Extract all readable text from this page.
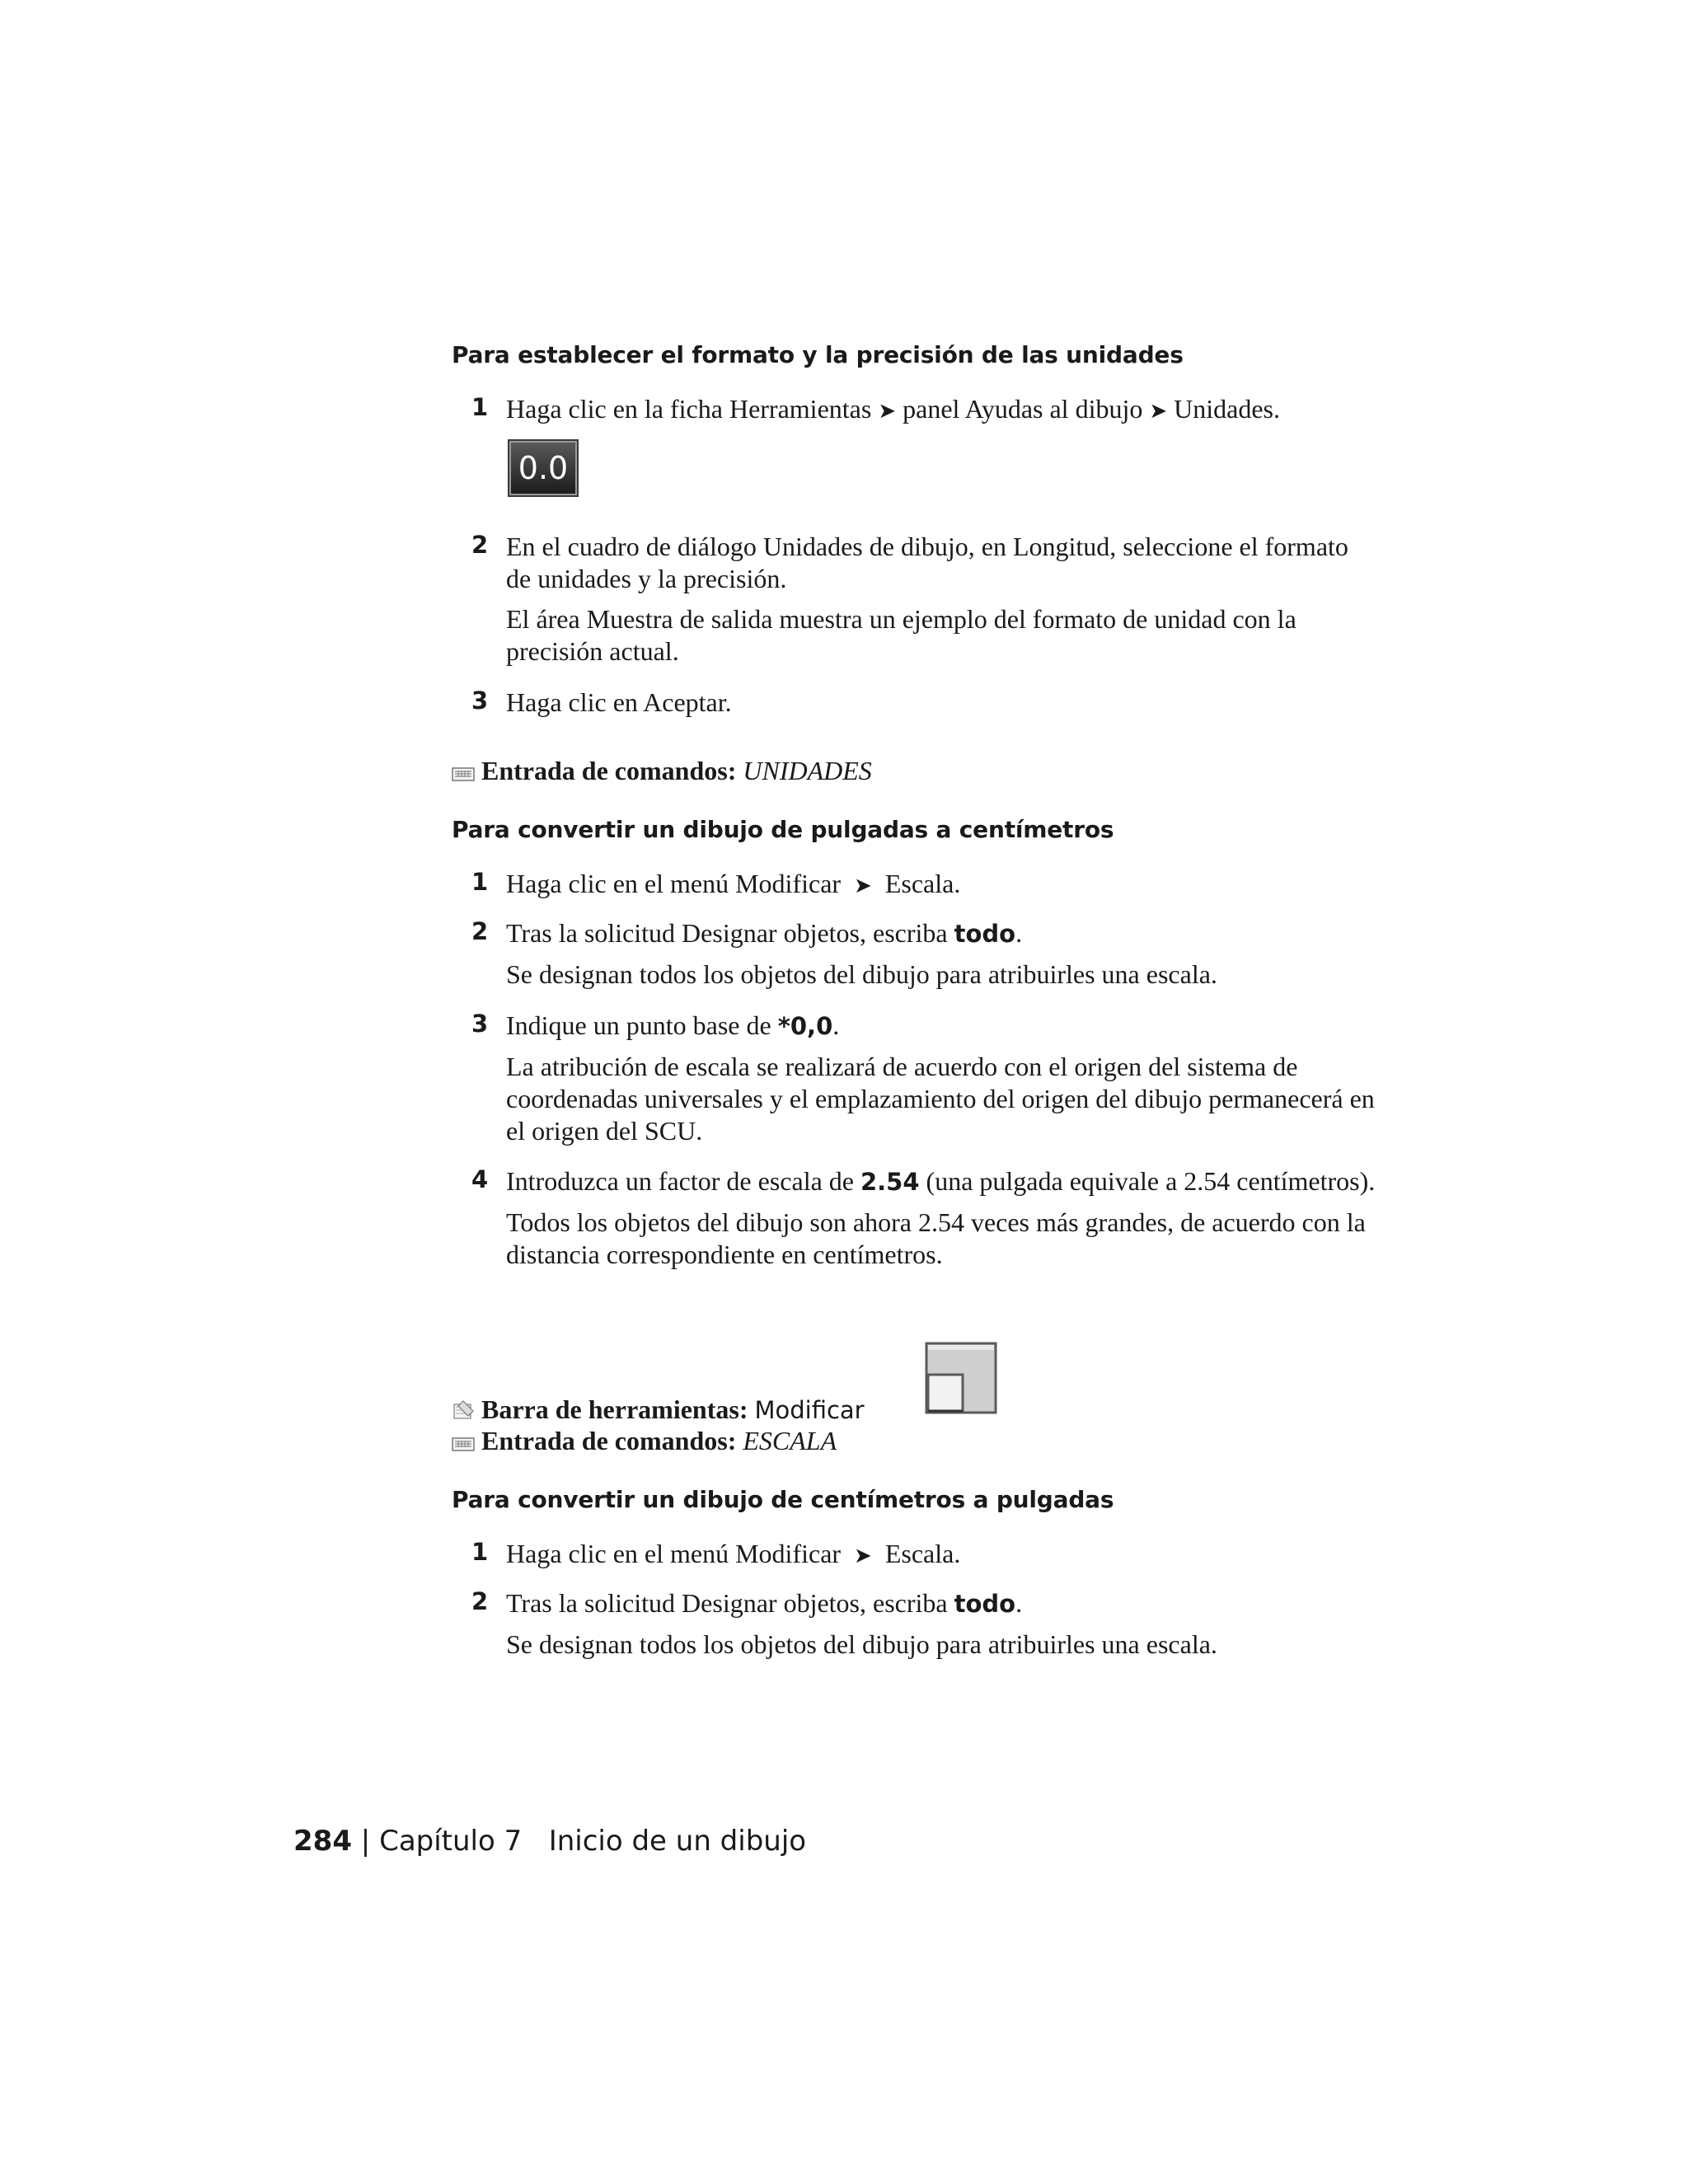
Para establecer el formato y la precisión de las unidades

1 Haga clic en la ficha Herramientas ➤ panel Ayudas al dibujo ➤ Unidades.
0.0
2 En el cuadro de diálogo Unidades de dibujo, en Longitud, seleccione el formato de unidades y la precisión.
El área Muestra de salida muestra un ejemplo del formato de unidad con la precisión actual.
3 Haga clic en Aceptar.
Entrada de comandos: UNIDADES

Para convertir un dibujo de pulgadas a centímetros

1 Haga clic en el menú Modificar ➤ Escala.
2 Tras la solicitud Designar objetos, escriba todo.
Se designan todos los objetos del dibujo para atribuirles una escala.
3 Indique un punto base de *0,0.
La atribución de escala se realizará de acuerdo con el origen del sistema de coordenadas universales y el emplazamiento del origen del dibujo permanecerá en el origen del SCU.
4 Introduzca un factor de escala de 2.54 (una pulgada equivale a 2.54 centímetros).
Todos los objetos del dibujo son ahora 2.54 veces más grandes, de acuerdo con la distancia correspondiente en centímetros.
Barra de herramientas: Modificar
Entrada de comandos: ESCALA

Para convertir un dibujo de centímetros a pulgadas

1 Haga clic en el menú Modificar ➤ Escala.
2 Tras la solicitud Designar objetos, escriba todo.
Se designan todos los objetos del dibujo para atribuirles una escala.
284 | Capítulo 7 Inicio de un dibujo
